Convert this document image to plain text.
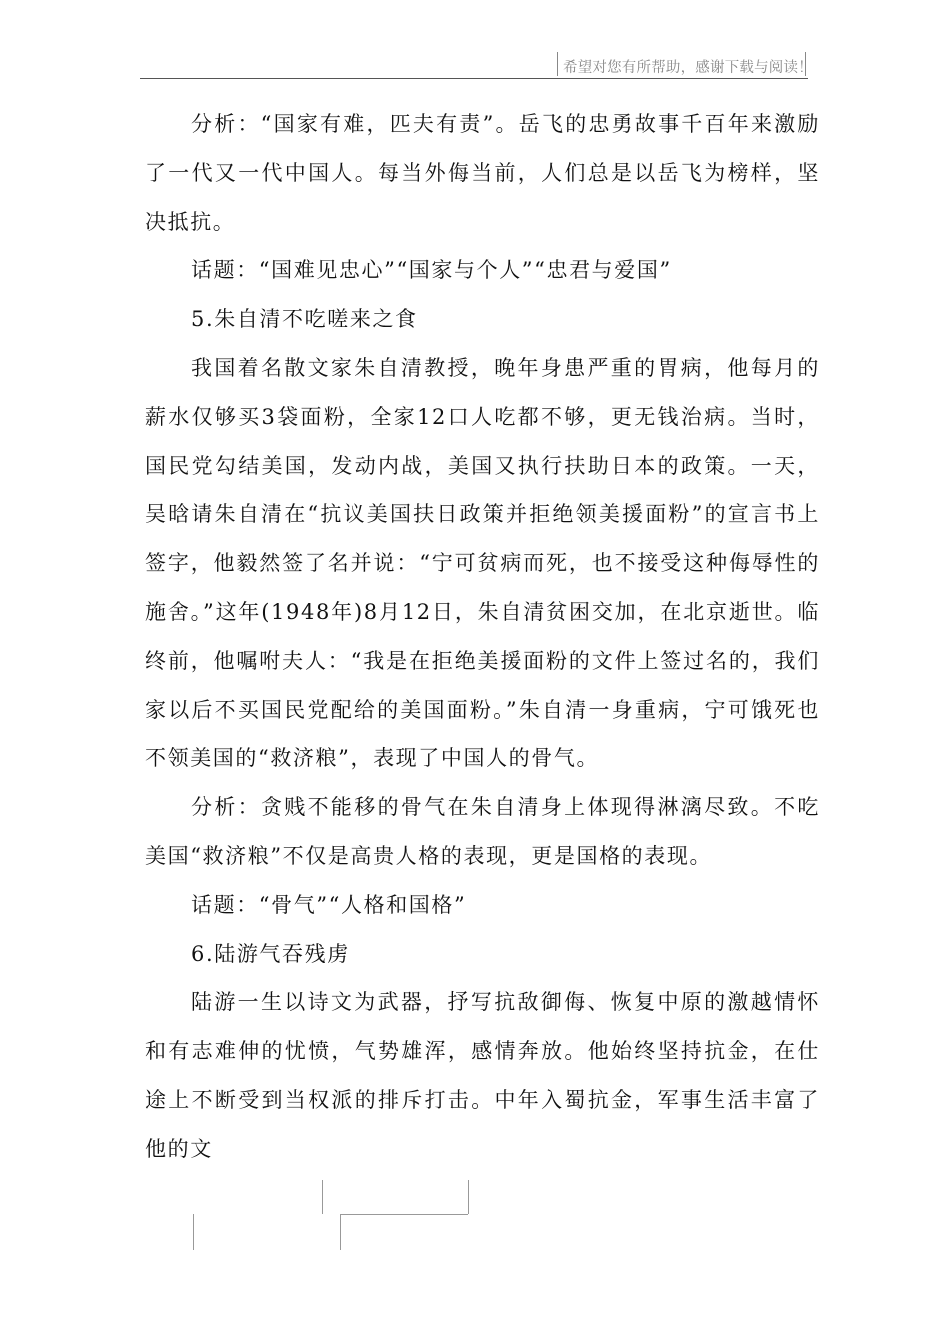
希望对您有所帮助，感谢下载与阅读！

分析：“国家有难，匹夫有责”。岳飞的忠勇故事千百年来激励了一代又一代中国人。每当外侮当前，人们总是以岳飞为榜样，坚决抵抗。

话题：“国难见忠心”“国家与个人”“忠君与爱国”

5.朱自清不吃嗟来之食

我国着名散文家朱自清教授，晚年身患严重的胃病，他每月的薪水仅够买3袋面粉，全家12口人吃都不够，更无钱治病。当时，国民党勾结美国，发动内战，美国又执行扶助日本的政策。一天，吴晗请朱自清在“抗议美国扶日政策并拒绝领美援面粉”的宣言书上签字，他毅然签了名并说：“宁可贫病而死，也不接受这种侮辱性的施舍。”这年(1948年)8月12日，朱自清贫困交加，在北京逝世。临终前，他嘱咐夫人：“我是在拒绝美援面粉的文件上签过名的，我们家以后不买国民党配给的美国面粉。”朱自清一身重病，宁可饿死也不领美国的“救济粮”，表现了中国人的骨气。

分析：贪贱不能移的骨气在朱自清身上体现得淋漓尽致。不吃美国“救济粮”不仅是高贵人格的表现，更是国格的表现。

话题：“骨气”“人格和国格”

6.陆游气吞残虏

陆游一生以诗文为武器，抒写抗敌御侮、恢复中原的激越情怀和有志难伸的忧愤，气势雄浑，感情奔放。他始终坚持抗金，在仕途上不断受到当权派的排斥打击。中年入蜀抗金，军事生活丰富了他的文
